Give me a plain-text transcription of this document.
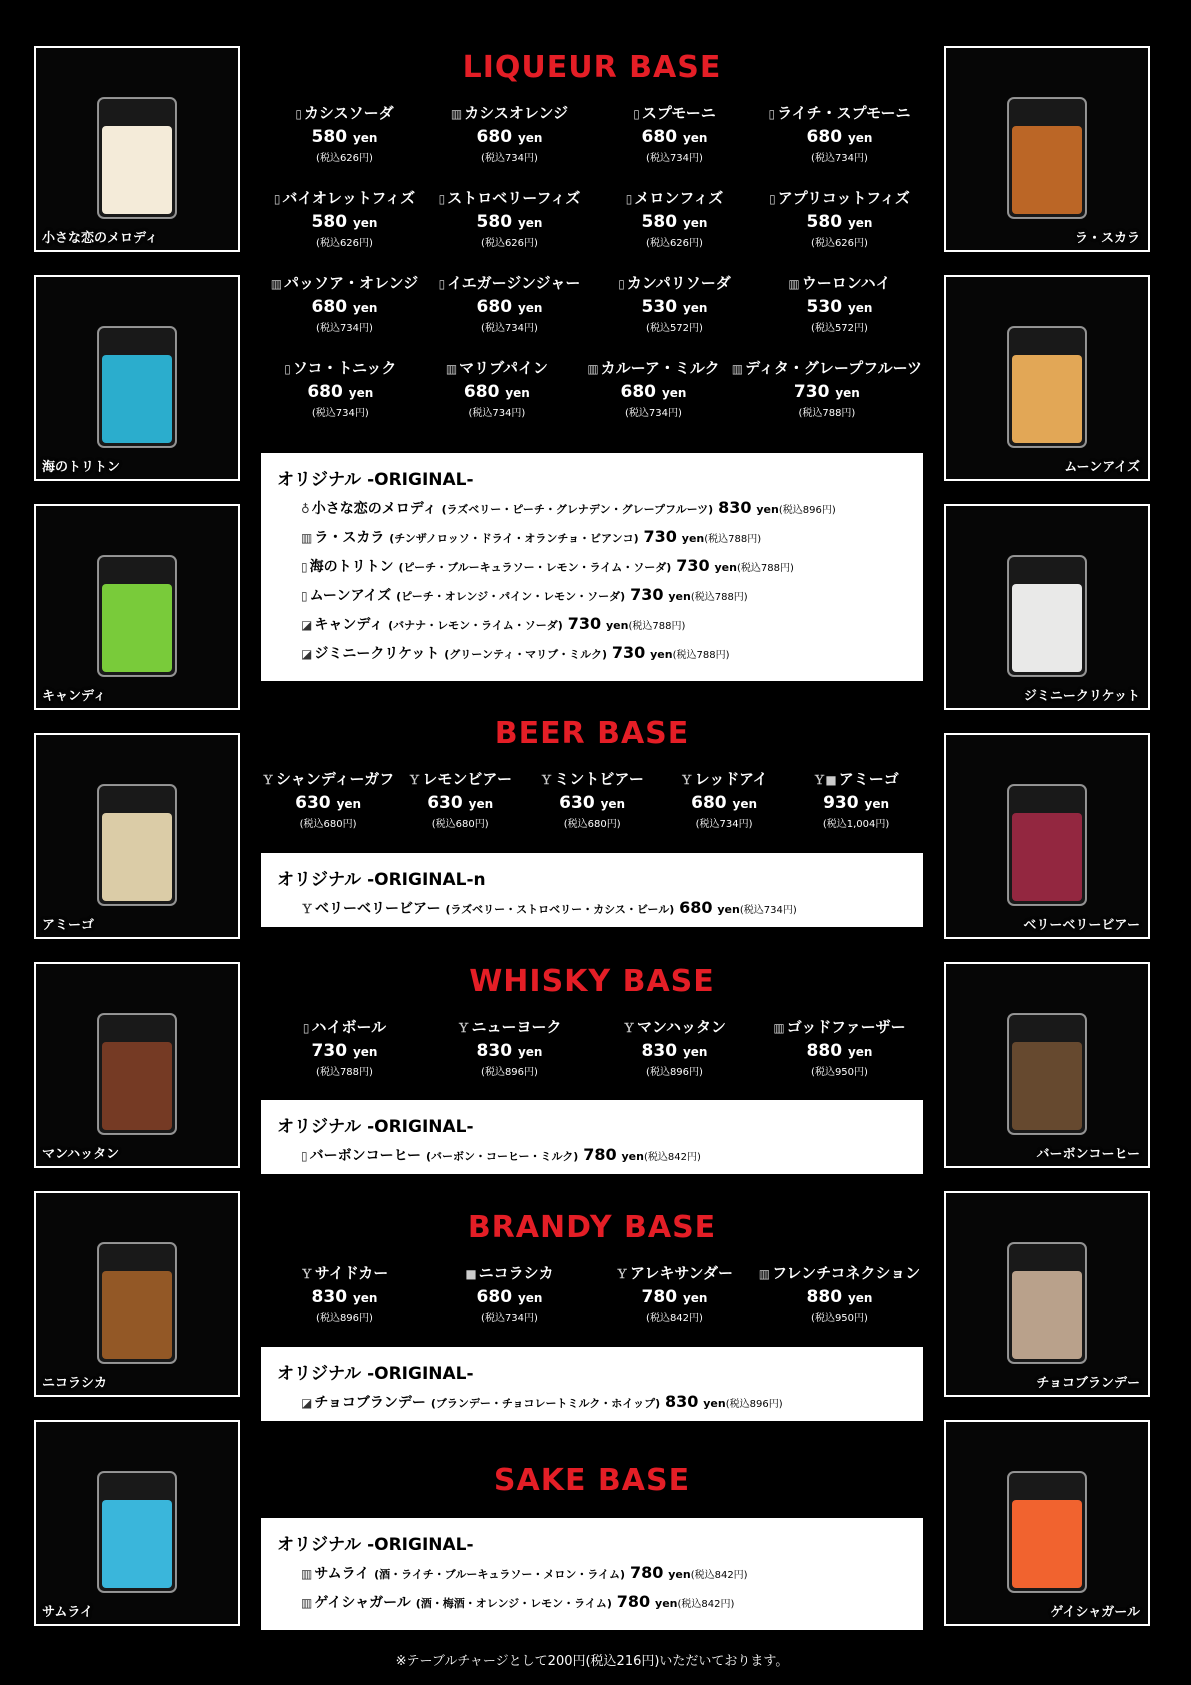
小さな恋のメロディ	ラ・スカラ
海のトリトン	ムーンアイズ
キャンディ	ジミニークリケット
アミーゴ	ベリーベリービアー
マンハッタン	バーボンコーヒー
ニコラシカ	チョコブランデー
サムライ	ゲイシャガール
LIQUEUR BASE
▯ カシスソーダ
580 yen
(税込626円)
▥ カシスオレンジ
680 yen
(税込734円)
▯ スプモーニ
680 yen
(税込734円)
▯ ライチ・スプモーニ
680 yen
(税込734円)
▯ バイオレットフィズ
580 yen
(税込626円)
▯ ストロベリーフィズ
580 yen
(税込626円)
▯ メロンフィズ
580 yen
(税込626円)
▯ アプリコットフィズ
580 yen
(税込626円)
▥ パッソア・オレンジ
680 yen
(税込734円)
▯ イエガージンジャー
680 yen
(税込734円)
▯ カンパリソーダ
530 yen
(税込572円)
▥ ウーロンハイ
530 yen
(税込572円)
▯ ソコ・トニック
680 yen
(税込734円)
▥ マリブパイン
680 yen
(税込734円)
▥ カルーア・ミルク
680 yen
(税込734円)
▥ ディタ・グレープフルーツ
730 yen
(税込788円)
オリジナル -ORIGINAL-
♁ 小さな恋のメロディ (ラズベリー・ピーチ・グレナデン・グレープフルーツ) 830 yen(税込896円)
▥ ラ・スカラ (チンザノロッソ・ドライ・オランチョ・ビアンコ) 730 yen(税込788円)
▯ 海のトリトン (ピーチ・ブルーキュラソー・レモン・ライム・ソーダ) 730 yen(税込788円)
▯ ムーンアイズ (ピーチ・オレンジ・パイン・レモン・ソーダ) 730 yen(税込788円)
◪ キャンディ (バナナ・レモン・ライム・ソーダ) 730 yen(税込788円)
◪ ジミニークリケット (グリーンティ・マリブ・ミルク) 730 yen(税込788円)
BEER BASE
Ｙ シャンディーガフ
630 yen
(税込680円)
Ｙ レモンビアー
630 yen
(税込680円)
Ｙ ミントビアー
630 yen
(税込680円)
Ｙ レッドアイ
680 yen
(税込734円)
Ｙ■ アミーゴ
930 yen
(税込1,004円)
オリジナル -ORIGINAL-n
Ｙ ベリーベリービアー (ラズベリー・ストロベリー・カシス・ビール) 680 yen(税込734円)
WHISKY BASE
▯ ハイボール
730 yen
(税込788円)
Ｙ ニューヨーク
830 yen
(税込896円)
Ｙ マンハッタン
830 yen
(税込896円)
▥ ゴッドファーザー
880 yen
(税込950円)
オリジナル -ORIGINAL-
▯ バーボンコーヒー (バーボン・コーヒー・ミルク) 780 yen(税込842円)
BRANDY BASE
Ｙ サイドカー
830 yen
(税込896円)
■ ニコラシカ
680 yen
(税込734円)
Ｙ アレキサンダー
780 yen
(税込842円)
▥ フレンチコネクション
880 yen
(税込950円)
オリジナル -ORIGINAL-
◪ チョコブランデー (ブランデー・チョコレートミルク・ホイップ) 830 yen(税込896円)
SAKE BASE
オリジナル -ORIGINAL-
▥ サムライ (酒・ライチ・ブルーキュラソー・メロン・ライム) 780 yen(税込842円)
▥ ゲイシャガール (酒・梅酒・オレンジ・レモン・ライム) 780 yen(税込842円)
※テーブルチャージとして200円(税込216円)いただいております。
